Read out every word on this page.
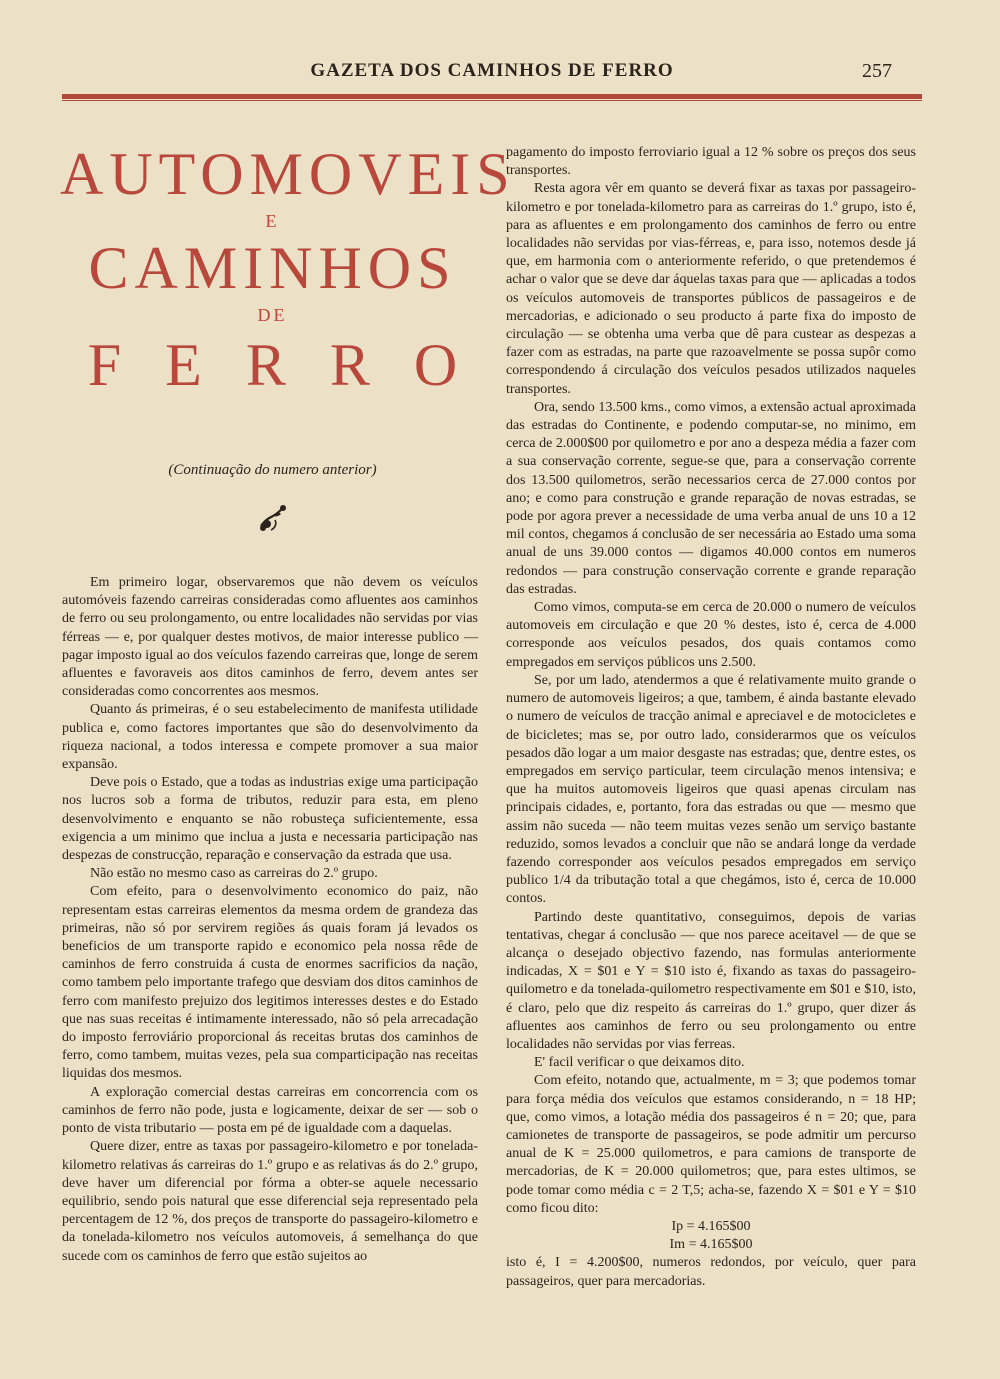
GAZETA DOS CAMINHOS DE FERRO	257
AUTOMOVEIS
E
CAMINHOS
DE
FERRO
(Continuação do numero anterior)

Em primeiro logar, observaremos que não devem os veículos automóveis fazendo carreiras consideradas como afluentes aos caminhos de ferro ou seu prolongamento, ou entre localidades não servidas por vias férreas — e, por qualquer destes motivos, de maior interesse publico — pagar imposto igual ao dos veículos fazendo carreiras que, longe de serem afluentes e favoraveis aos ditos caminhos de ferro, devem antes ser consideradas como concorrentes aos mesmos.

Quanto ás primeiras, é o seu estabelecimento de manifesta utilidade publica e, como factores importantes que são do desenvolvimento da riqueza nacional, a todos interessa e compete promover a sua maior expansão.

Deve pois o Estado, que a todas as industrias exige uma participação nos lucros sob a forma de tributos, reduzir para esta, em pleno desenvolvimento e enquanto se não robusteça suficientemente, essa exigencia a um minimo que inclua a justa e necessaria participação nas despezas de construcção, reparação e conservação da estrada que usa.

Não estão no mesmo caso as carreiras do 2.º grupo.

Com efeito, para o desenvolvimento economico do paiz, não representam estas carreiras elementos da mesma ordem de grandeza das primeiras, não só por servirem regiões ás quais foram já levados os beneficios de um transporte rapido e economico pela nossa rêde de caminhos de ferro construida á custa de enormes sacrificios da nação, como tambem pelo importante trafego que desviam dos ditos caminhos de ferro com manifesto prejuizo dos legitimos interesses destes e do Estado que nas suas receitas é intimamente interessado, não só pela arrecadação do imposto ferroviário proporcional ás receitas brutas dos caminhos de ferro, como tambem, muitas vezes, pela sua comparticipação nas receitas liquidas dos mesmos.

A exploração comercial destas carreiras em concorrencia com os caminhos de ferro não pode, justa e logicamente, deixar de ser — sob o ponto de vista tributario — posta em pé de igualdade com a daquelas.

Quere dizer, entre as taxas por passageiro-kilometro e por tonelada-kilometro relativas ás carreiras do 1.º grupo e as relativas ás do 2.º grupo, deve haver um diferencial por fórma a obter-se aquele necessario equilibrio, sendo pois natural que esse diferencial seja representado pela percentagem de 12 %, dos preços de transporte do passageiro-kilometro e da tonelada-kilometro nos veículos automoveis, á semelhança do que sucede com os caminhos de ferro que estão sujeitos ao

pagamento do imposto ferroviario igual a 12 % sobre os preços dos seus transportes.

Resta agora vêr em quanto se deverá fixar as taxas por passageiro-kilometro e por tonelada-kilometro para as carreiras do 1.º grupo, isto é, para as afluentes e em prolongamento dos caminhos de ferro ou entre localidades não servidas por vias-férreas, e, para isso, notemos desde já que, em harmonia com o anteriormente referido, o que pretendemos é achar o valor que se deve dar áquelas taxas para que — aplicadas a todos os veículos automoveis de transportes públicos de passageiros e de mercadorias, e adicionado o seu producto á parte fixa do imposto de circulação — se obtenha uma verba que dê para custear as despezas a fazer com as estradas, na parte que razoavelmente se possa supôr como correspondendo á circulação dos veículos pesados utilizados naqueles transportes.

Ora, sendo 13.500 kms., como vimos, a extensão actual aproximada das estradas do Continente, e podendo computar-se, no minimo, em cerca de 2.000$00 por quilometro e por ano a despeza média a fazer com a sua conservação corrente, segue-se que, para a conservação corrente dos 13.500 quilometros, serão necessarios cerca de 27.000 contos por ano; e como para construção e grande reparação de novas estradas, se pode por agora prever a necessidade de uma verba anual de uns 10 a 12 mil contos, chegamos á conclusão de ser necessária ao Estado uma soma anual de uns 39.000 contos — digamos 40.000 contos em numeros redondos — para construção conservação corrente e grande reparação das estradas.

Como vimos, computa-se em cerca de 20.000 o numero de veículos automoveis em circulação e que 20 % destes, isto é, cerca de 4.000 corresponde aos veículos pesados, dos quais contamos como empregados em serviços públicos uns 2.500.

Se, por um lado, atendermos a que é relativamente muito grande o numero de automoveis ligeiros; a que, tambem, é ainda bastante elevado o numero de veículos de tracção animal e apreciavel e de motocicletes e de bicicletes; mas se, por outro lado, considerarmos que os veículos pesados dão logar a um maior desgaste nas estradas; que, dentre estes, os empregados em serviço particular, teem circulação menos intensiva; e que ha muitos automoveis ligeiros que quasi apenas circulam nas principais cidades, e, portanto, fora das estradas ou que — mesmo que assim não suceda — não teem muitas vezes senão um serviço bastante reduzido, somos levados a concluir que não se andará longe da verdade fazendo corresponder aos veículos pesados empregados em serviço publico 1/4 da tributação total a que chegámos, isto é, cerca de 10.000 contos.

Partindo deste quantitativo, conseguimos, depois de varias tentativas, chegar á conclusão — que nos parece aceitavel — de que se alcança o desejado objectivo fazendo, nas formulas anteriormente indicadas, X = $01 e Y = $10 isto é, fixando as taxas do passageiro-quilometro e da tonelada-quilometro respectivamente em $01 e $10, isto, é claro, pelo que diz respeito ás carreiras do 1.º grupo, quer dizer ás afluentes aos caminhos de ferro ou seu prolongamento ou entre localidades não servidas por vias ferreas.

E' facil verificar o que deixamos dito.

Com efeito, notando que, actualmente, m = 3; que podemos tomar para força média dos veículos que estamos considerando, n = 18 HP; que, como vimos, a lotação média dos passageiros é n = 20; que, para camionetes de transporte de passageiros, se pode admitir um percurso anual de K = 25.000 quilometros, e para camions de transporte de mercadorias, de K = 20.000 quilometros; que, para estes ultimos, se pode tomar como média c = 2 T,5; acha-se, fazendo X = $01 e Y = $10 como ficou dito:

Ip = 4.165$00

Im = 4.165$00

isto é, I = 4.200$00, numeros redondos, por veículo, quer para passageiros, quer para mercadorias.
